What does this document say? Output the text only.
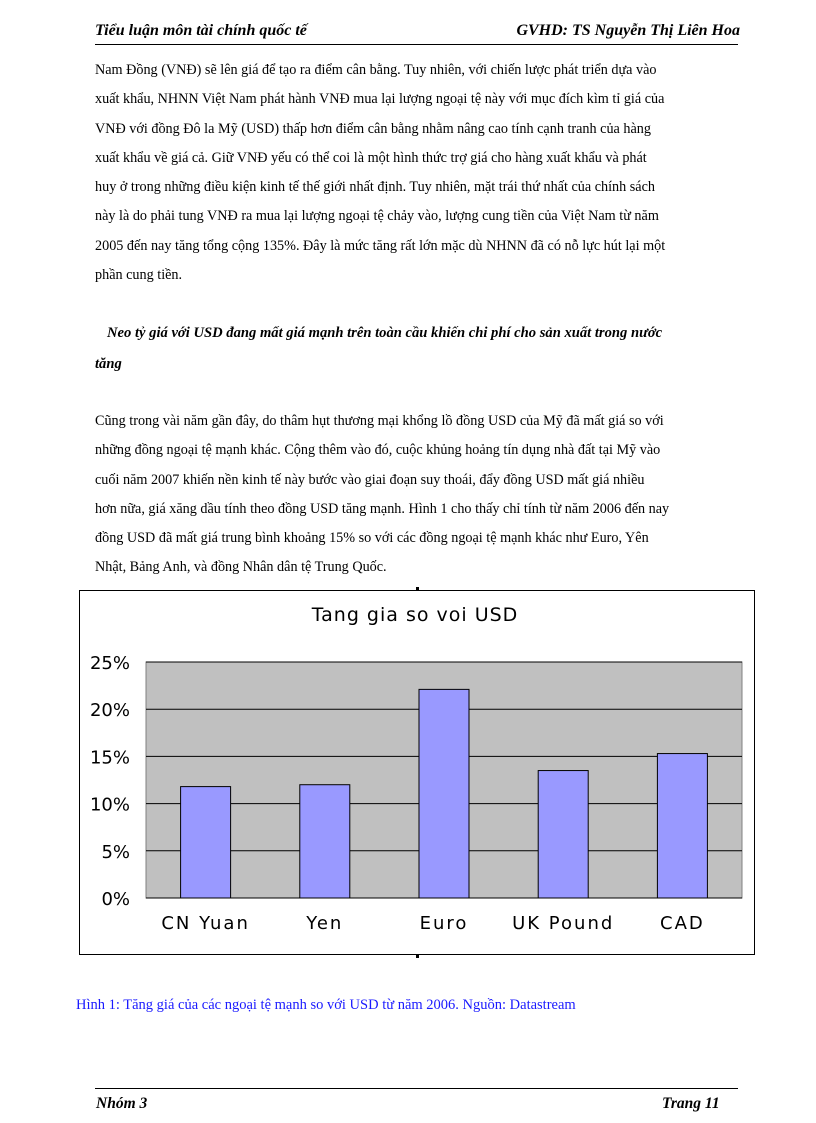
Tiểu luận môn tài chính quốc tế	GVHD: TS Nguyễn Thị Liên Hoa
Nam Đồng (VNĐ) sẽ lên giá để tạo ra điểm cân bằng. Tuy nhiên, với chiến lược phát triển dựa vào
xuất khẩu, NHNN Việt Nam phát hành VNĐ mua lại lượng ngoại tệ này với mục đích kìm tỉ giá của
VNĐ với đồng Đô la Mỹ (USD) thấp hơn điểm cân bằng nhằm nâng cao tính cạnh tranh của hàng
xuất khẩu về giá cả. Giữ VNĐ yếu có thể coi là một hình thức trợ giá cho hàng xuất khẩu và phát
huy ở trong những điều kiện kinh tế thế giới nhất định. Tuy nhiên, mặt trái thứ nhất của chính sách
này là do phải tung VNĐ ra mua lại lượng ngoại tệ chảy vào, lượng cung tiền của Việt Nam từ năm
2005 đến nay tăng tổng cộng 135%. Đây là mức tăng rất lớn mặc dù NHNN đã có nỗ lực hút lại một
phần cung tiền.
Neo tỷ giá với USD đang mất giá mạnh trên toàn cầu khiến chi phí cho sản xuất trong nước
tăng
Cũng trong vài năm gần đây, do thâm hụt thương mại khổng lồ đồng USD của Mỹ đã mất giá so với
những đồng ngoại tệ mạnh khác. Cộng thêm vào đó, cuộc khủng hoảng tín dụng nhà đất tại Mỹ vào
cuối năm 2007 khiến nền kinh tế này bước vào giai đoạn suy thoái, đẩy đồng USD mất giá nhiều
hơn nữa, giá xăng dầu tính theo đồng USD tăng mạnh. Hình 1 cho thấy chỉ tính từ năm 2006 đến nay
đồng USD đã mất giá trung bình khoảng 15% so với các đồng ngoại tệ mạnh khác như Euro, Yên
Nhật, Bảng Anh, và đồng Nhân dân tệ Trung Quốc.
Tang gia so voi USD
0%
5%
10%
15%
20%
25%
CN Yuan	Yen	Euro UK Pound	CAD
Hình 1: Tăng giá của các ngoại tệ mạnh so với USD từ năm 2006. Nguồn: Datastream
Nhóm 3	Trang 11
